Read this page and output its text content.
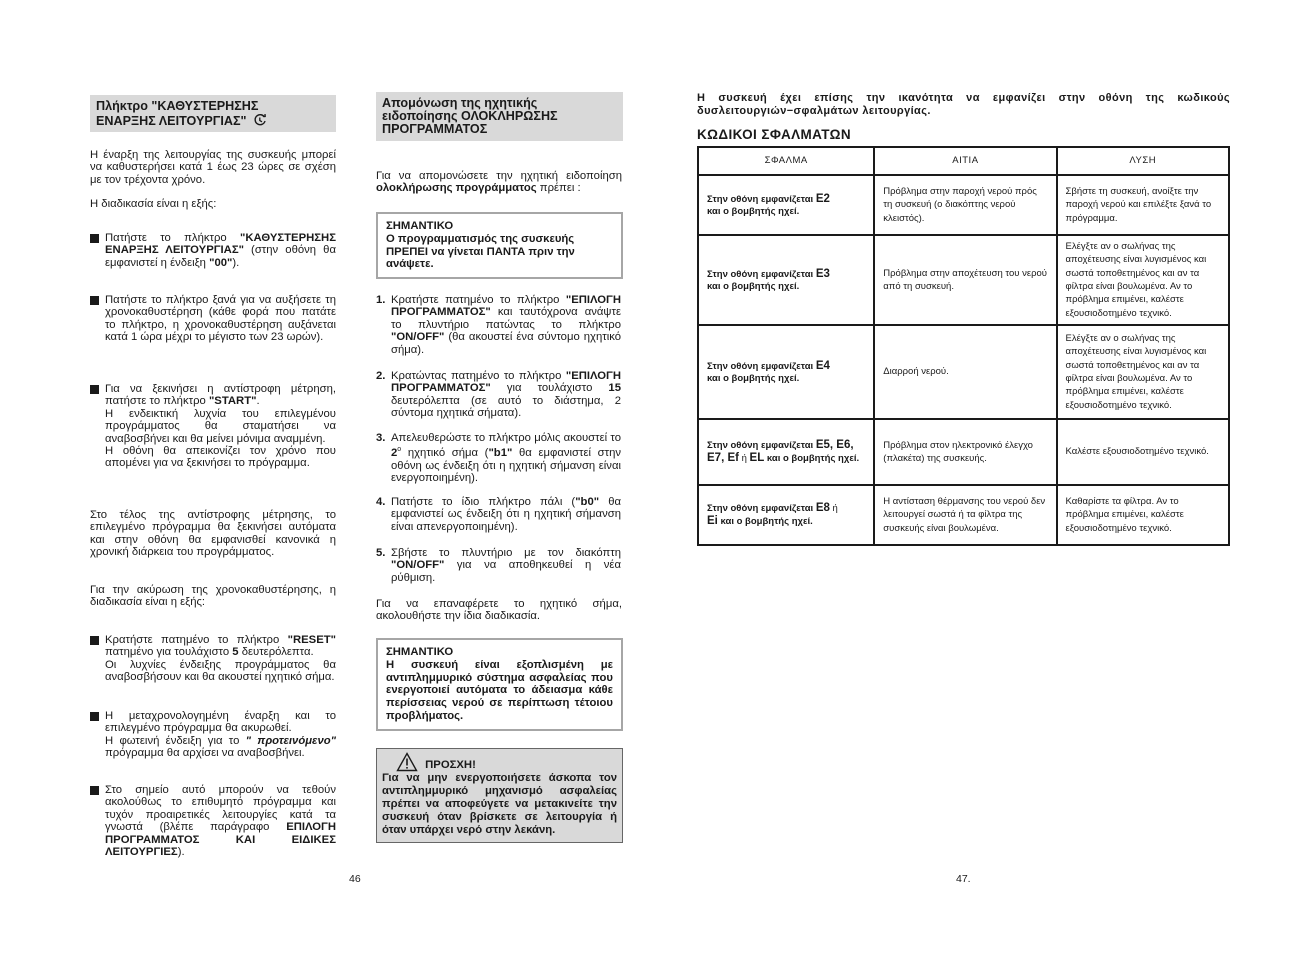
Πλήκτρο "ΚΑΘΥΣΤΕΡΗΣΗΣ
ΕΝΑΡΞΗΣ ΛΕΙΤΟΥΡΓΙΑΣ"

Η έναρξη της λειτουργίας της συσκευής μπορεί να καθυστερήσει κατά 1 έως 23 ώρες σε σχέση με τον τρέχοντα χρόνο.

Η διαδικασία είναι η εξής:

Πατήστε το πλήκτρο "ΚΑΘΥΣΤΕΡΗΣΗΣ ΕΝΑΡΞΗΣ ΛΕΙΤΟΥΡΓΙΑΣ" (στην οθόνη θα εμφανιστεί η ένδειξη "00").
Πατήστε το πλήκτρο ξανά για να αυξήσετε τη χρονοκαθυστέρηση (κάθε φορά που πατάτε το πλήκτρο, η χρονοκαθυστέρηση αυξάνεται κατά 1 ώρα μέχρι το μέγιστο των 23 ωρών).
Για να ξεκινήσει η αντίστροφη μέτρηση, πατήστε το πλήκτρο "START".
Η ενδεικτική λυχνία του επιλεγμένου προγράμματος θα σταματήσει να αναβοσβήνει και θα μείνει μόνιμα αναμμένη.
Η οθόνη θα απεικονίζει τον χρόνο που απομένει για να ξεκινήσει το πρόγραμμα.

Στο τέλος της αντίστροφης μέτρησης, το επιλεγμένο πρόγραμμα θα ξεκινήσει αυτόματα και στην οθόνη θα εμφανισθεί κανονικά η χρονική διάρκεια του προγράμματος.

Για την ακύρωση της χρονοκαθυστέρησης, η διαδικασία είναι η εξής:

Κρατήστε πατημένο το πλήκτρο "RESET" πατημένο για τουλάχιστο 5 δευτερόλεπτα.
Οι λυχνίες ένδειξης προγράμματος θα αναβοσβήσουν και θα ακουστεί ηχητικό σήμα.
Η μεταχρονολογημένη έναρξη και το επιλεγμένο πρόγραμμα θα ακυρωθεί.
Η φωτεινή ένδειξη για το " προτεινόμενο" πρόγραμμα θα αρχίσει να αναβοσβήνει.
Στο σημείο αυτό μπορούν να τεθούν ακολούθως το επιθυμητό πρόγραμμα και τυχόν προαιρετικές λειτουργίες κατά τα γνωστά (βλέπε παράγραφο ΕΠΙΛΟΓΗ ΠΡΟΓΡΑΜΜΑΤΟΣ ΚΑΙ ΕΙΔΙΚΕΣ ΛΕΙΤΟΥΡΓΙΕΣ).
46
Απομόνωση της ηχητικής
ειδοποίησης ΟΛΟΚΛΗΡΩΣΗΣ
ΠΡΟΓΡΑΜΜΑΤΟΣ

Για να απομονώσετε την ηχητική ειδοποίηση ολοκλήρωσης προγράμματος πρέπει :

ΣΗΜΑΝΤΙΚΟ
Ο προγραμματισμός της συσκευής ΠΡΕΠΕΙ να γίνεται ΠΑΝΤΑ πριν την ανάψετε.
1. Κρατήστε πατημένο το πλήκτρο "ΕΠΙΛΟΓΗ ΠΡΟΓΡΑΜΜΑΤΟΣ" και ταυτόχρονα ανάψτε το πλυντήριο πατώντας το πλήκτρο "ON/OFF" (θα ακουστεί ένα σύντομο ηχητικό σήμα).
2. Κρατώντας πατημένο το πλήκτρο "ΕΠΙΛΟΓΗ ΠΡΟΓΡΑΜΜΑΤΟΣ" για τουλάχιστο 15 δευτερόλεπτα (σε αυτό το διάστημα, 2 σύντομα ηχητικά σήματα).
3. Απελευθερώστε το πλήκτρο μόλις ακουστεί το $2^o$ ηχητικό σήμα ("b1" θα εμφανιστεί στην οθόνη ως ένδειξη ότι η ηχητική σήμανση είναι ενεργοποιημένη).
4. Πατήστε το ίδιο πλήκτρο πάλι ("b0" θα εμφανιστεί ως ένδειξη ότι η ηχητική σήμανση είναι απενεργοποιημένη).
5. Σβήστε το πλυντήριο με τον διακόπτη "ON/OFF" για να αποθηκευθεί η νέα ρύθμιση.

Για να επαναφέρετε το ηχητικό σήμα, ακολουθήστε την ίδια διαδικασία.

ΣΗΜΑΝΤΙΚΟ
Η συσκευή είναι εξοπλισμένη με αντιπλημμυρικό σύστημα ασφαλείας που ενεργοποιεί αυτόματα το άδειασμα κάθε περίσσειας νερού σε περίπτωση τέτοιου προβλήματος.
ΠΡΟΣΧΗ!
Για να μην ενεργοποιήσετε άσκοπα τον αντιπλημμυρικό μηχανισμό ασφαλείας πρέπει να αποφεύγετε να μετακινείτε την συσκευή όταν βρίσκετε σε λειτουργία ή όταν υπάρχει νερό στην λεκάνη.

Η συσκευή έχει επίσης την ικανότητα να εμφανίζει στην οθόνη της κωδικούς δυσλειτουργιών−σφαλμάτων λειτουργίας.

ΚΩΔΙΚΟΙ ΣΦΑΛΜΑΤΩΝ
ΣΦΑΛΜΑ	ΑΙΤΙΑ	ΛΥΣΗ
Στην οθόνη εμφανίζεται E2
και ο βομβητής ηχεί.	Πρόβλημα στην παροχή νερού πρός τη συσκευή (ο διακόπτης νερού κλειστός).	Σβήστε τη συσκευή, ανοίξτε την παροχή νερού και επιλέξτε ξανά το πρόγραμμα.
Στην οθόνη εμφανίζεται E3
και ο βομβητής ηχεί.	Πρόβλημα στην αποχέτευση του νερού από τη συσκευή.	Ελέγξτε αν ο σωλήνας της αποχέτευσης είναι λυγισμένος και σωστά τοποθετημένος και αν τα φίλτρα είναι βουλωμένα. Αν το πρόβλημα επιμένει, καλέστε εξουσιοδοτημένο τεχνικό.
Στην οθόνη εμφανίζεται E4
και ο βομβητής ηχεί.	Διαρροή νερού.	Ελέγξτε αν ο σωλήνας της αποχέτευσης είναι λυγισμένος και σωστά τοποθετημένος και αν τα φίλτρα είναι βουλωμένα. Αν το πρόβλημα επιμένει, καλέστε εξουσιοδοτημένο τεχνικό.
Στην οθόνη εμφανίζεται E5, E6, E7, Ef ή EL και ο βομβητής ηχεί.	Πρόβλημα στον ηλεκτρονικό έλεγχο (πλακέτα) της συσκευής.	Καλέστε εξουσιοδοτημένο τεχνικό.
Στην οθόνη εμφανίζεται E8 ή
Ei και ο βομβητής ηχεί.	Η αντίσταση θέρμανσης του νερού δεν λειτουργεί σωστά ή τα φίλτρα της συσκευής είναι βουλωμένα.	Καθαρίστε τα φίλτρα. Αν το πρόβλημα επιμένει, καλέστε εξουσιοδοτημένο τεχνικό.
47.
